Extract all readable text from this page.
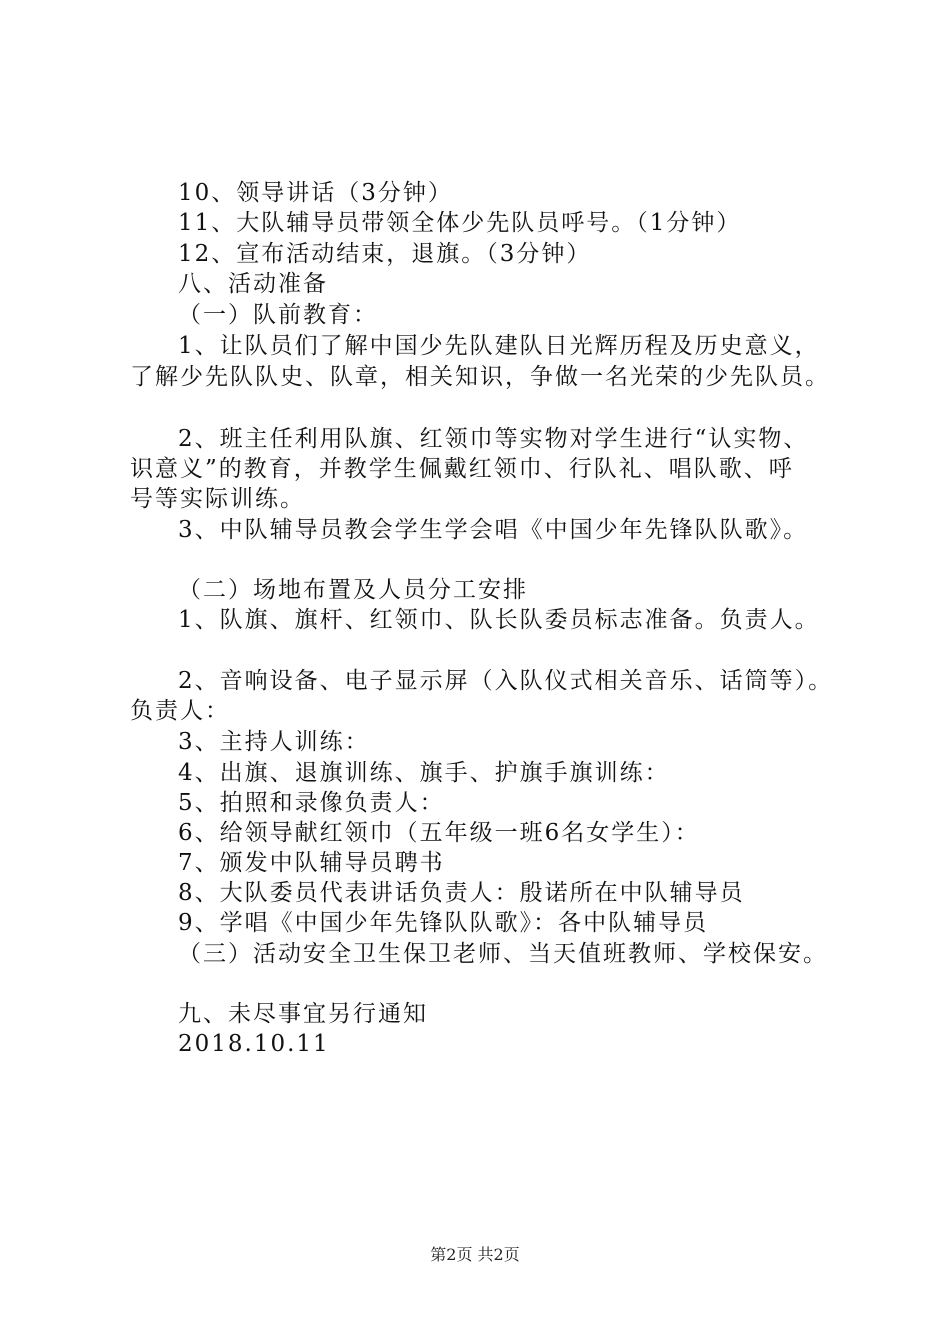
10、领导讲话（3分钟）
11、大队辅导员带领全体少先队员呼号。（1分钟）
12、宣布活动结束，退旗。（3分钟）
八、活动准备
（一）队前教育：
1、让队员们了解中国少先队建队日光辉历程及历史意义，
了解少先队队史、队章，相关知识，争做一名光荣的少先队员。
2、班主任利用队旗、红领巾等实物对学生进行“认实物、
识意义”的教育，并教学生佩戴红领巾、行队礼、唱队歌、呼
号等实际训练。
3、中队辅导员教会学生学会唱《中国少年先锋队队歌》。
（二）场地布置及人员分工安排
1、队旗、旗杆、红领巾、队长队委员标志准备。负责人。
2、音响设备、电子显示屏（入队仪式相关音乐、话筒等）。
负责人：
3、主持人训练：
4、出旗、退旗训练、旗手、护旗手旗训练：
5、拍照和录像负责人：
6、给领导献红领巾（五年级一班6名女学生）：
7、颁发中队辅导员聘书
8、大队委员代表讲话负责人：殷诺所在中队辅导员
9、学唱《中国少年先锋队队歌》：各中队辅导员
（三）活动安全卫生保卫老师、当天值班教师、学校保安。
九、未尽事宜另行通知
2018.10.11
第2页 共2页
